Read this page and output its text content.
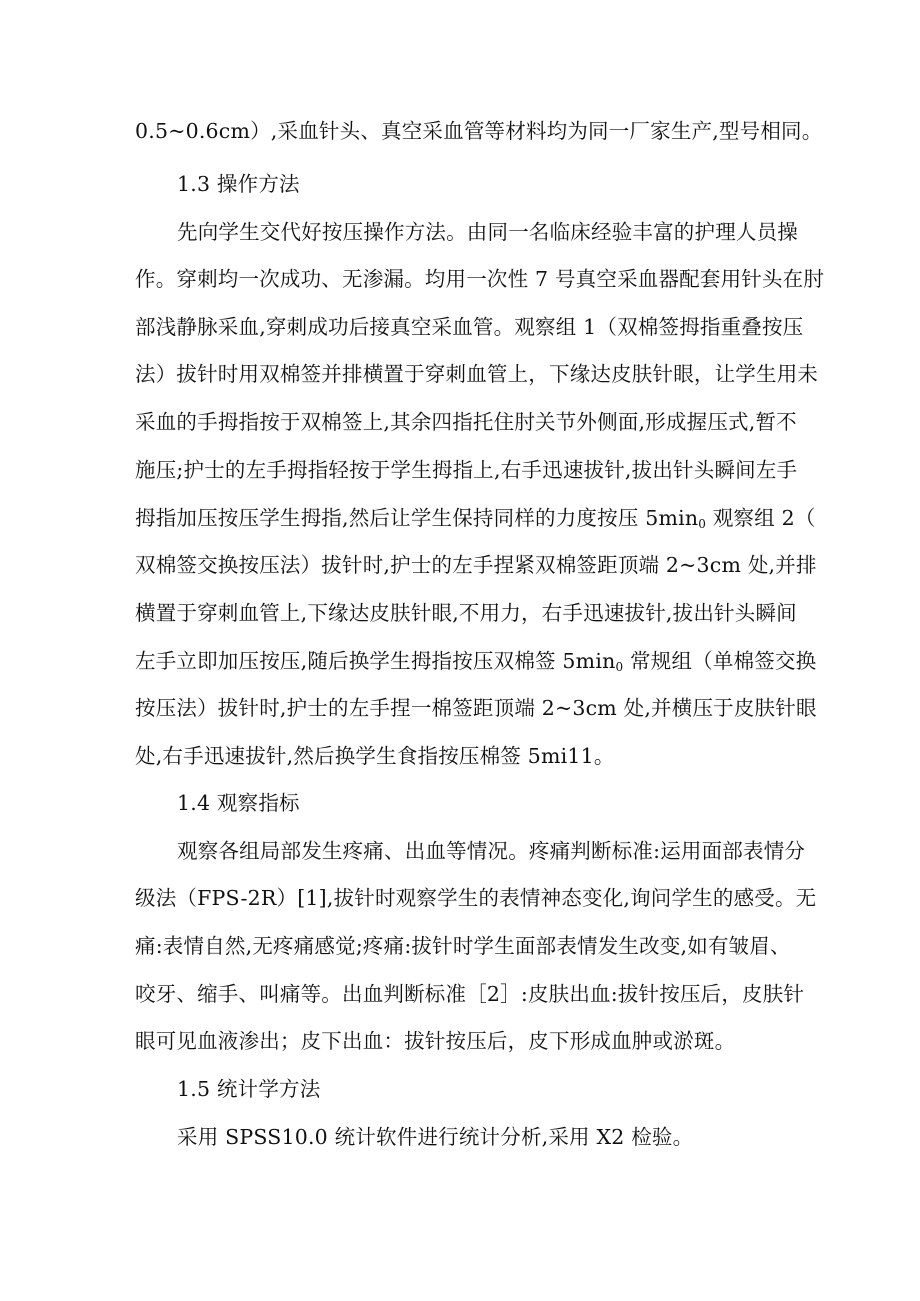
0.5~0.6cm）,采血针头、真空采血管等材料均为同一厂家生产,型号相同。
1.3 操作方法
先向学生交代好按压操作方法。由同一名临床经验丰富的护理人员操
作。穿刺均一次成功、无渗漏。均用一次性 7 号真空采血器配套用针头在肘
部浅静脉采血,穿刺成功后接真空采血管。观察组 1（双棉签拇指重叠按压
法）拔针时用双棉签并排横置于穿刺血管上，下缘达皮肤针眼，让学生用未
采血的手拇指按于双棉签上,其余四指托住肘关节外侧面,形成握压式,暂不
施压;护士的左手拇指轻按于学生拇指上,右手迅速拔针,拔出针头瞬间左手
拇指加压按压学生拇指,然后让学生保持同样的力度按压 $5\min_0$ 观察组 2（
双棉签交换按压法）拔针时,护士的左手捏紧双棉签距顶端 2~3cm 处,并排
横置于穿刺血管上,下缘达皮肤针眼,不用力，右手迅速拔针,拔出针头瞬间
左手立即加压按压,随后换学生拇指按压双棉签 $5\min_0$ 常规组（单棉签交换
按压法）拔针时,护士的左手捏一棉签距顶端 2~3cm 处,并横压于皮肤针眼
处,右手迅速拔针,然后换学生食指按压棉签 5mi11。
1.4 观察指标
观察各组局部发生疼痛、出血等情况。疼痛判断标准:运用面部表情分
级法（FPS-2R）[1],拔针时观察学生的表情神态变化,询问学生的感受。无
痛:表情自然,无疼痛感觉;疼痛:拔针时学生面部表情发生改变,如有皱眉、
咬牙、缩手、叫痛等。出血判断标准［2］:皮肤出血:拔针按压后，皮肤针
眼可见血液渗出；皮下出血：拔针按压后，皮下形成血肿或淤斑。
1.5 统计学方法
采用 SPSS10.0 统计软件进行统计分析,采用 X2 检验。
